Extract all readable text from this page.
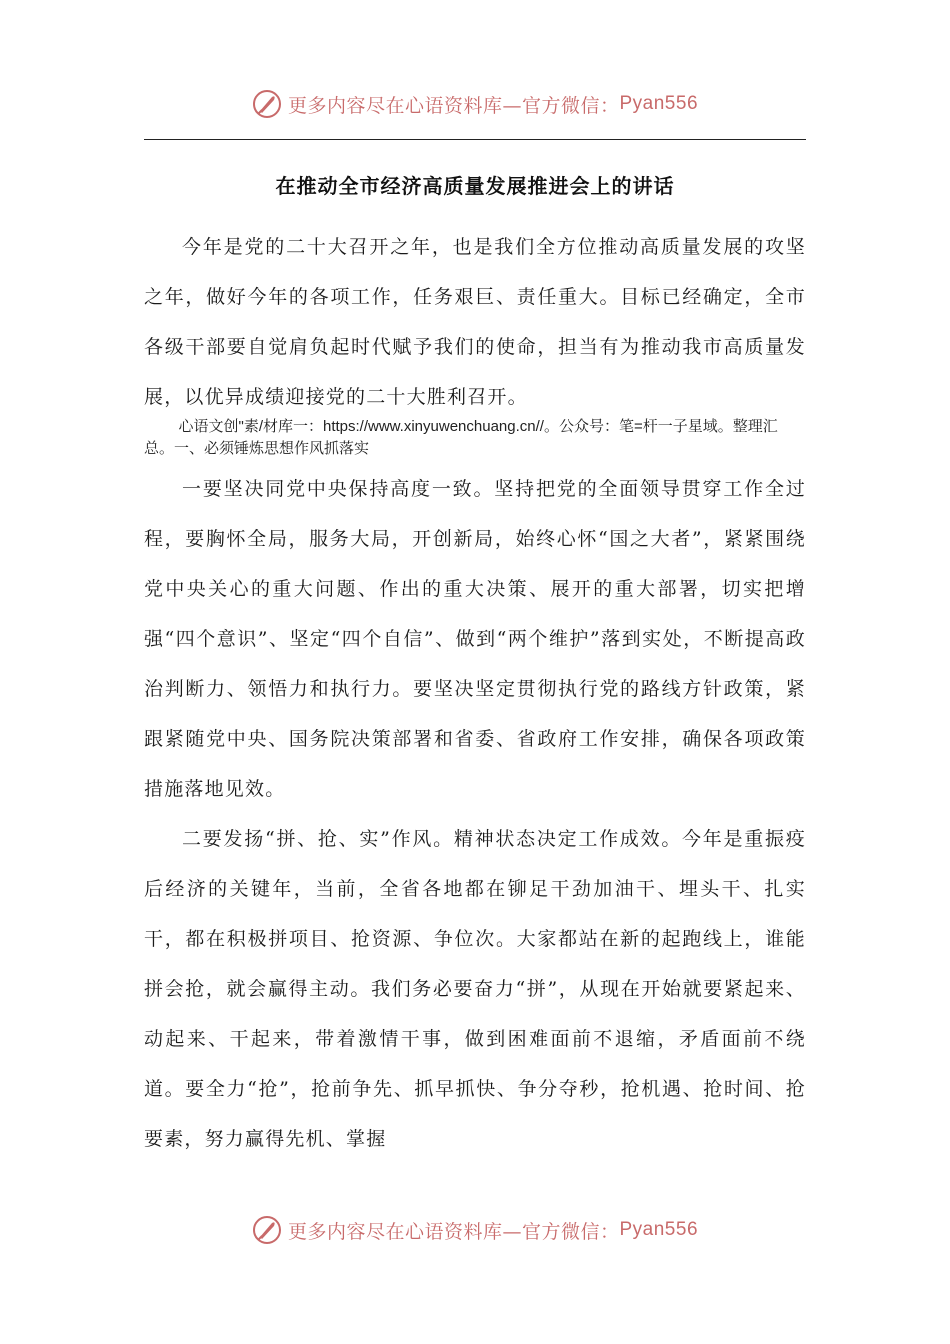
更多内容尽在心语资料库—官方微信： Pyan556
在推动全市经济高质量发展推进会上的讲话

今年是党的二十大召开之年，也是我们全方位推动高质量发展的攻坚之年，做好今年的各项工作，任务艰巨、责任重大。目标已经确定，全市各级干部要自觉肩负起时代赋予我们的使命，担当有为推动我市高质量发展，以优异成绩迎接党的二十大胜利召开。

心语文创"素/材库一：https://www.xinyuwenchuang.cn//。公众号：笔=杆一子星域。整理汇总。一、必须锤炼思想作风抓落实

一要坚决同党中央保持高度一致。坚持把党的全面领导贯穿工作全过程，要胸怀全局，服务大局，开创新局，始终心怀“国之大者”，紧紧围绕党中央关心的重大问题、作出的重大决策、展开的重大部署，切实把增强“四个意识”、坚定“四个自信”、做到“两个维护”落到实处，不断提高政治判断力、领悟力和执行力。要坚决坚定贯彻执行党的路线方针政策，紧跟紧随党中央、国务院决策部署和省委、省政府工作安排，确保各项政策措施落地见效。

二要发扬“拼、抢、实”作风。精神状态决定工作成效。今年是重振疫后经济的关键年，当前，全省各地都在铆足干劲加油干、埋头干、扎实干，都在积极拼项目、抢资源、争位次。大家都站在新的起跑线上，谁能拼会抢，就会赢得主动。我们务必要奋力“拼”，从现在开始就要紧起来、动起来、干起来，带着激情干事，做到困难面前不退缩，矛盾面前不绕道。要全力“抢”，抢前争先、抓早抓快、争分夺秒，抢机遇、抢时间、抢要素，努力赢得先机、掌握

更多内容尽在心语资料库—官方微信： Pyan556
